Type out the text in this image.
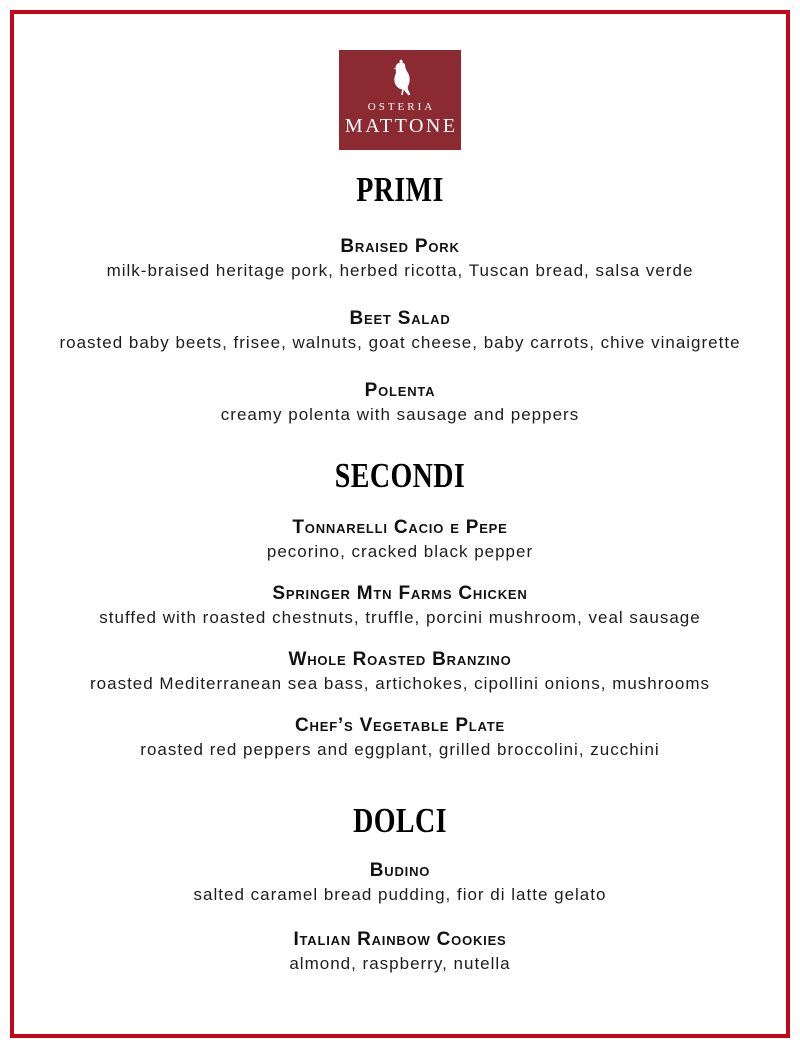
OSTERIA
MATTONE
PRIMI
Braised Pork
milk-braised heritage pork, herbed ricotta, Tuscan bread, salsa verde
Beet Salad
roasted baby beets, frisee, walnuts, goat cheese, baby carrots, chive vinaigrette
Polenta
creamy polenta with sausage and peppers
SECONDI
Tonnarelli Cacio e Pepe
pecorino, cracked black pepper
Springer Mtn Farms Chicken
stuffed with roasted chestnuts, truffle, porcini mushroom, veal sausage
Whole Roasted Branzino
roasted Mediterranean sea bass, artichokes, cipollini onions, mushrooms
Chef’s Vegetable Plate
roasted red peppers and eggplant, grilled broccolini, zucchini
DOLCI
Budino
salted caramel bread pudding, fior di latte gelato
Italian Rainbow Cookies
almond, raspberry, nutella
